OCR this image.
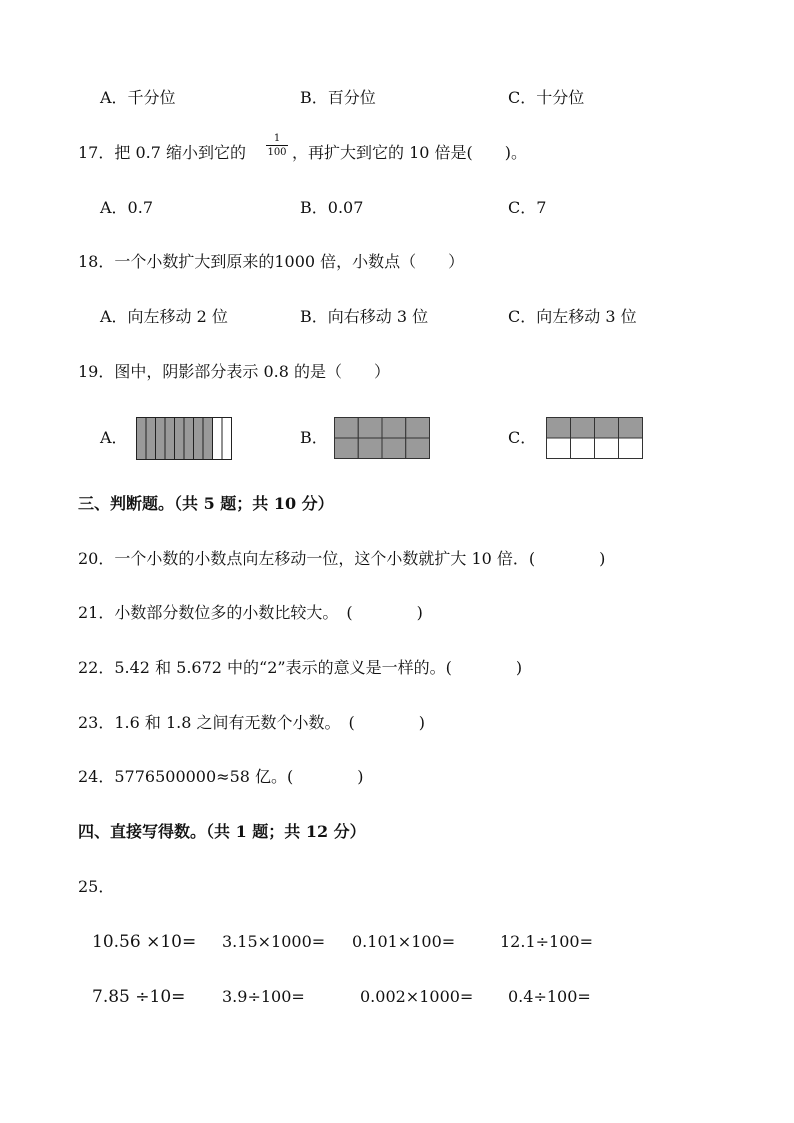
A．千分位	B．百分位	C．十分位
17．把 0.7 缩小到它的 $\frac{1}{100}$ ，再扩大到它的 10 倍是(　　)。
A．0.7	B．0.07	C．7
18．一个小数扩大到原来的1000 倍，小数点（　　）
A．向左移动 2 位	B．向右移动 3 位	C．向左移动 3 位
19．图中，阴影部分表示 0.8 的是（　　）
A．	B．	C．
三、判断题。（共 5 题；共 10 分）
20．一个小数的小数点向左移动一位，这个小数就扩大 10 倍．(　　　　)
21．小数部分数位多的小数比较大。　(　　　　)
22．5.42 和 5.672 中的“2”表示的意义是一样的。(　　　　)
23．1.6 和 1.8 之间有无数个小数。　(　　　　)
24．5776500000≈58 亿。(　　　　)
四、直接写得数。（共 1 题；共 12 分）
25．
10.56 ×10= 3.15×1000= 0.101×100=	12.1÷100=
7.85 ÷10= 3.9÷100=	0.002×1000= 0.4÷100=
